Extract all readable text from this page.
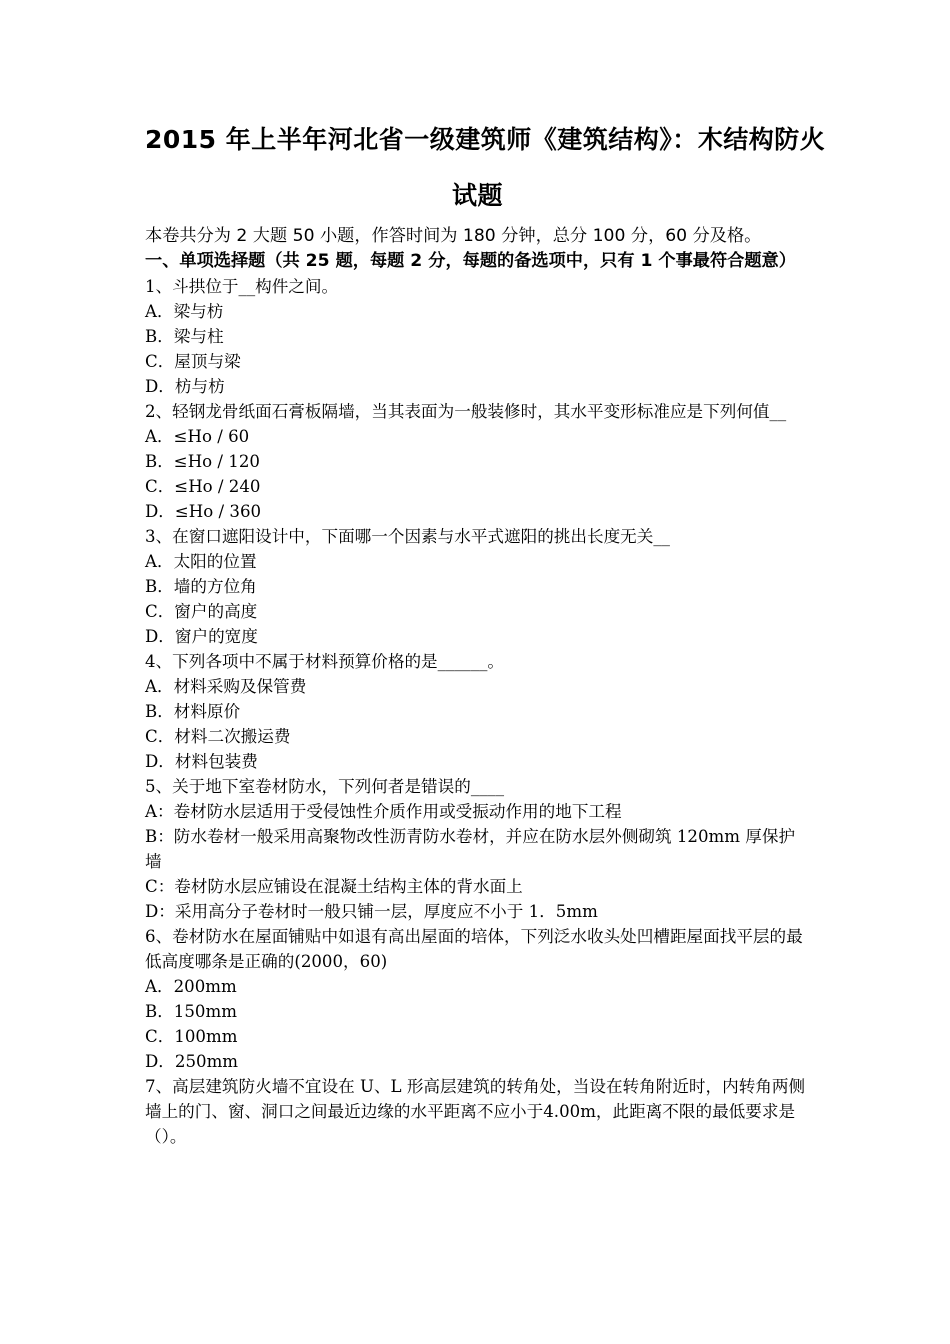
2015 年上半年河北省一级建筑师《建筑结构》：木结构防火
试题
本卷共分为 2 大题 50 小题，作答时间为 180 分钟，总分 100 分，60 分及格。
一、单项选择题（共 25 题，每题 2 分，每题的备选项中，只有 1 个事最符合题意）
1、斗拱位于__构件之间。
A．梁与枋
B．梁与柱
C．屋顶与梁
D．枋与枋
2、轻钢龙骨纸面石膏板隔墙，当其表面为一般装修时，其水平变形标准应是下列何值__
A．≤Ho / 60
B．≤Ho / 120
C．≤Ho / 240
D．≤Ho / 360
3、在窗口遮阳设计中，下面哪一个因素与水平式遮阳的挑出长度无关__
A．太阳的位置
B．墙的方位角
C．窗户的高度
D．窗户的宽度
4、下列各项中不属于材料预算价格的是______。
A．材料采购及保管费
B．材料原价
C．材料二次搬运费
D．材料包装费
5、关于地下室卷材防水，下列何者是错误的____
A：卷材防水层适用于受侵蚀性介质作用或受振动作用的地下工程
B：防水卷材一般采用高聚物改性沥青防水卷材，并应在防水层外侧砌筑 120mm 厚保护墙
C：卷材防水层应铺设在混凝土结构主体的背水面上
D：采用高分子卷材时一般只铺一层，厚度应不小于 1．5mm
6、卷材防水在屋面铺贴中如退有高出屋面的培体，下列泛水收头处凹槽距屋面找平层的最低高度哪条是正确的(2000，60)
A．200mm
B．150mm
C．100mm
D．250mm
7、高层建筑防火墙不宜设在 U、L 形高层建筑的转角处，当设在转角附近时，内转角两侧墙上的门、窗、洞口之间最近边缘的水平距离不应小于4.00m，此距离不限的最低要求是（）。
